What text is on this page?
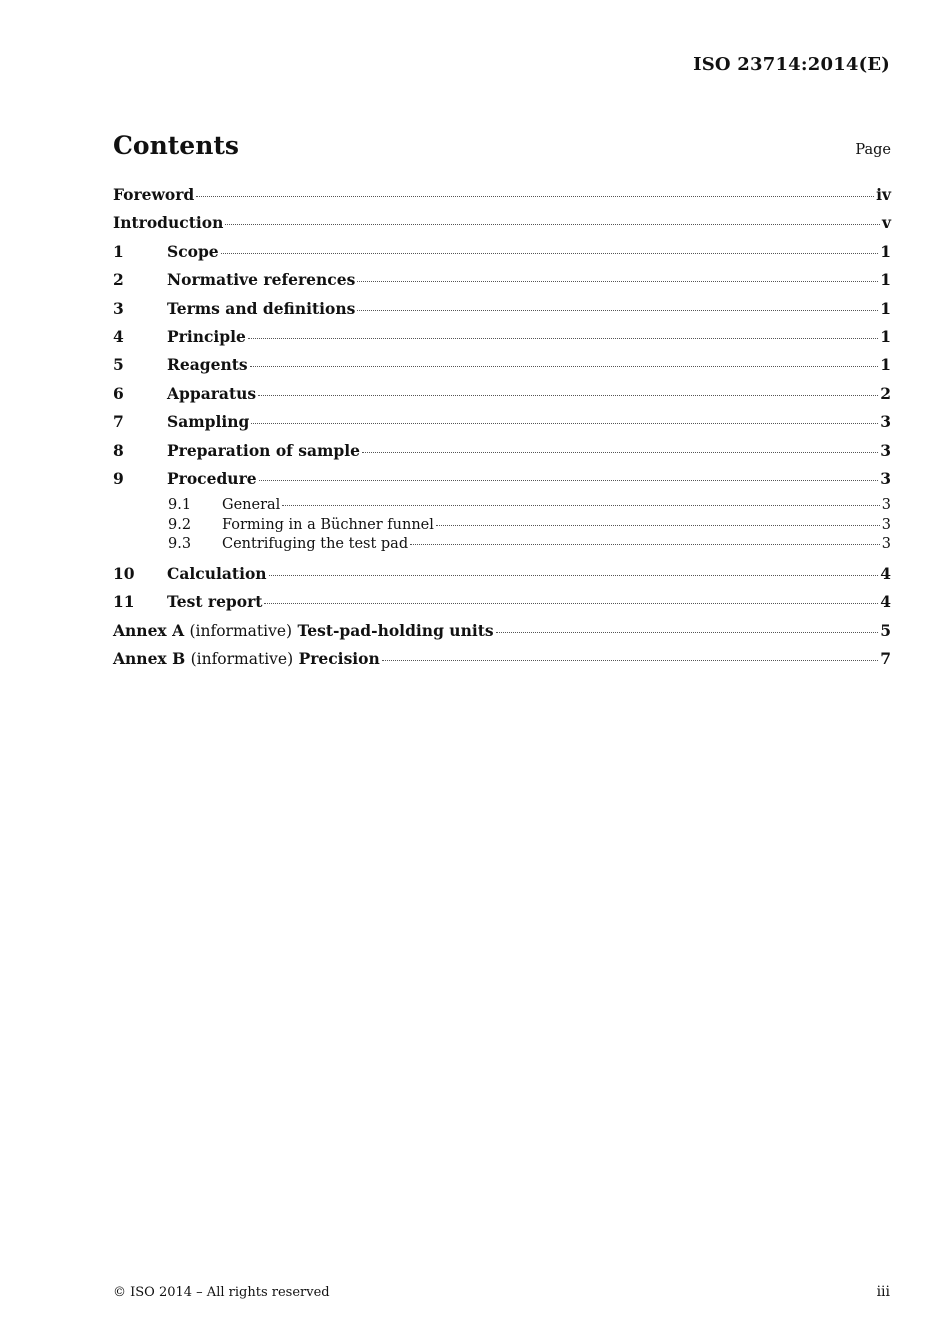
ISO 23714:2014(E)
Contents	Page
Foreword	iv
Introduction	v
1	Scope	1
2	Normative references	1
3	Terms and definitions	1
4	Principle	1
5	Reagents	1
6	Apparatus	2
7	Sampling	3
8	Preparation of sample	3
9	Procedure	3
9.1	General	3
9.2	Forming in a Büchner funnel	3
9.3	Centrifuging the test pad	3
10	Calculation	4
11	Test report	4
Annex A (informative) Test-pad-holding units	5
Annex B (informative) Precision	7
© ISO 2014 – All rights reserved	iii
